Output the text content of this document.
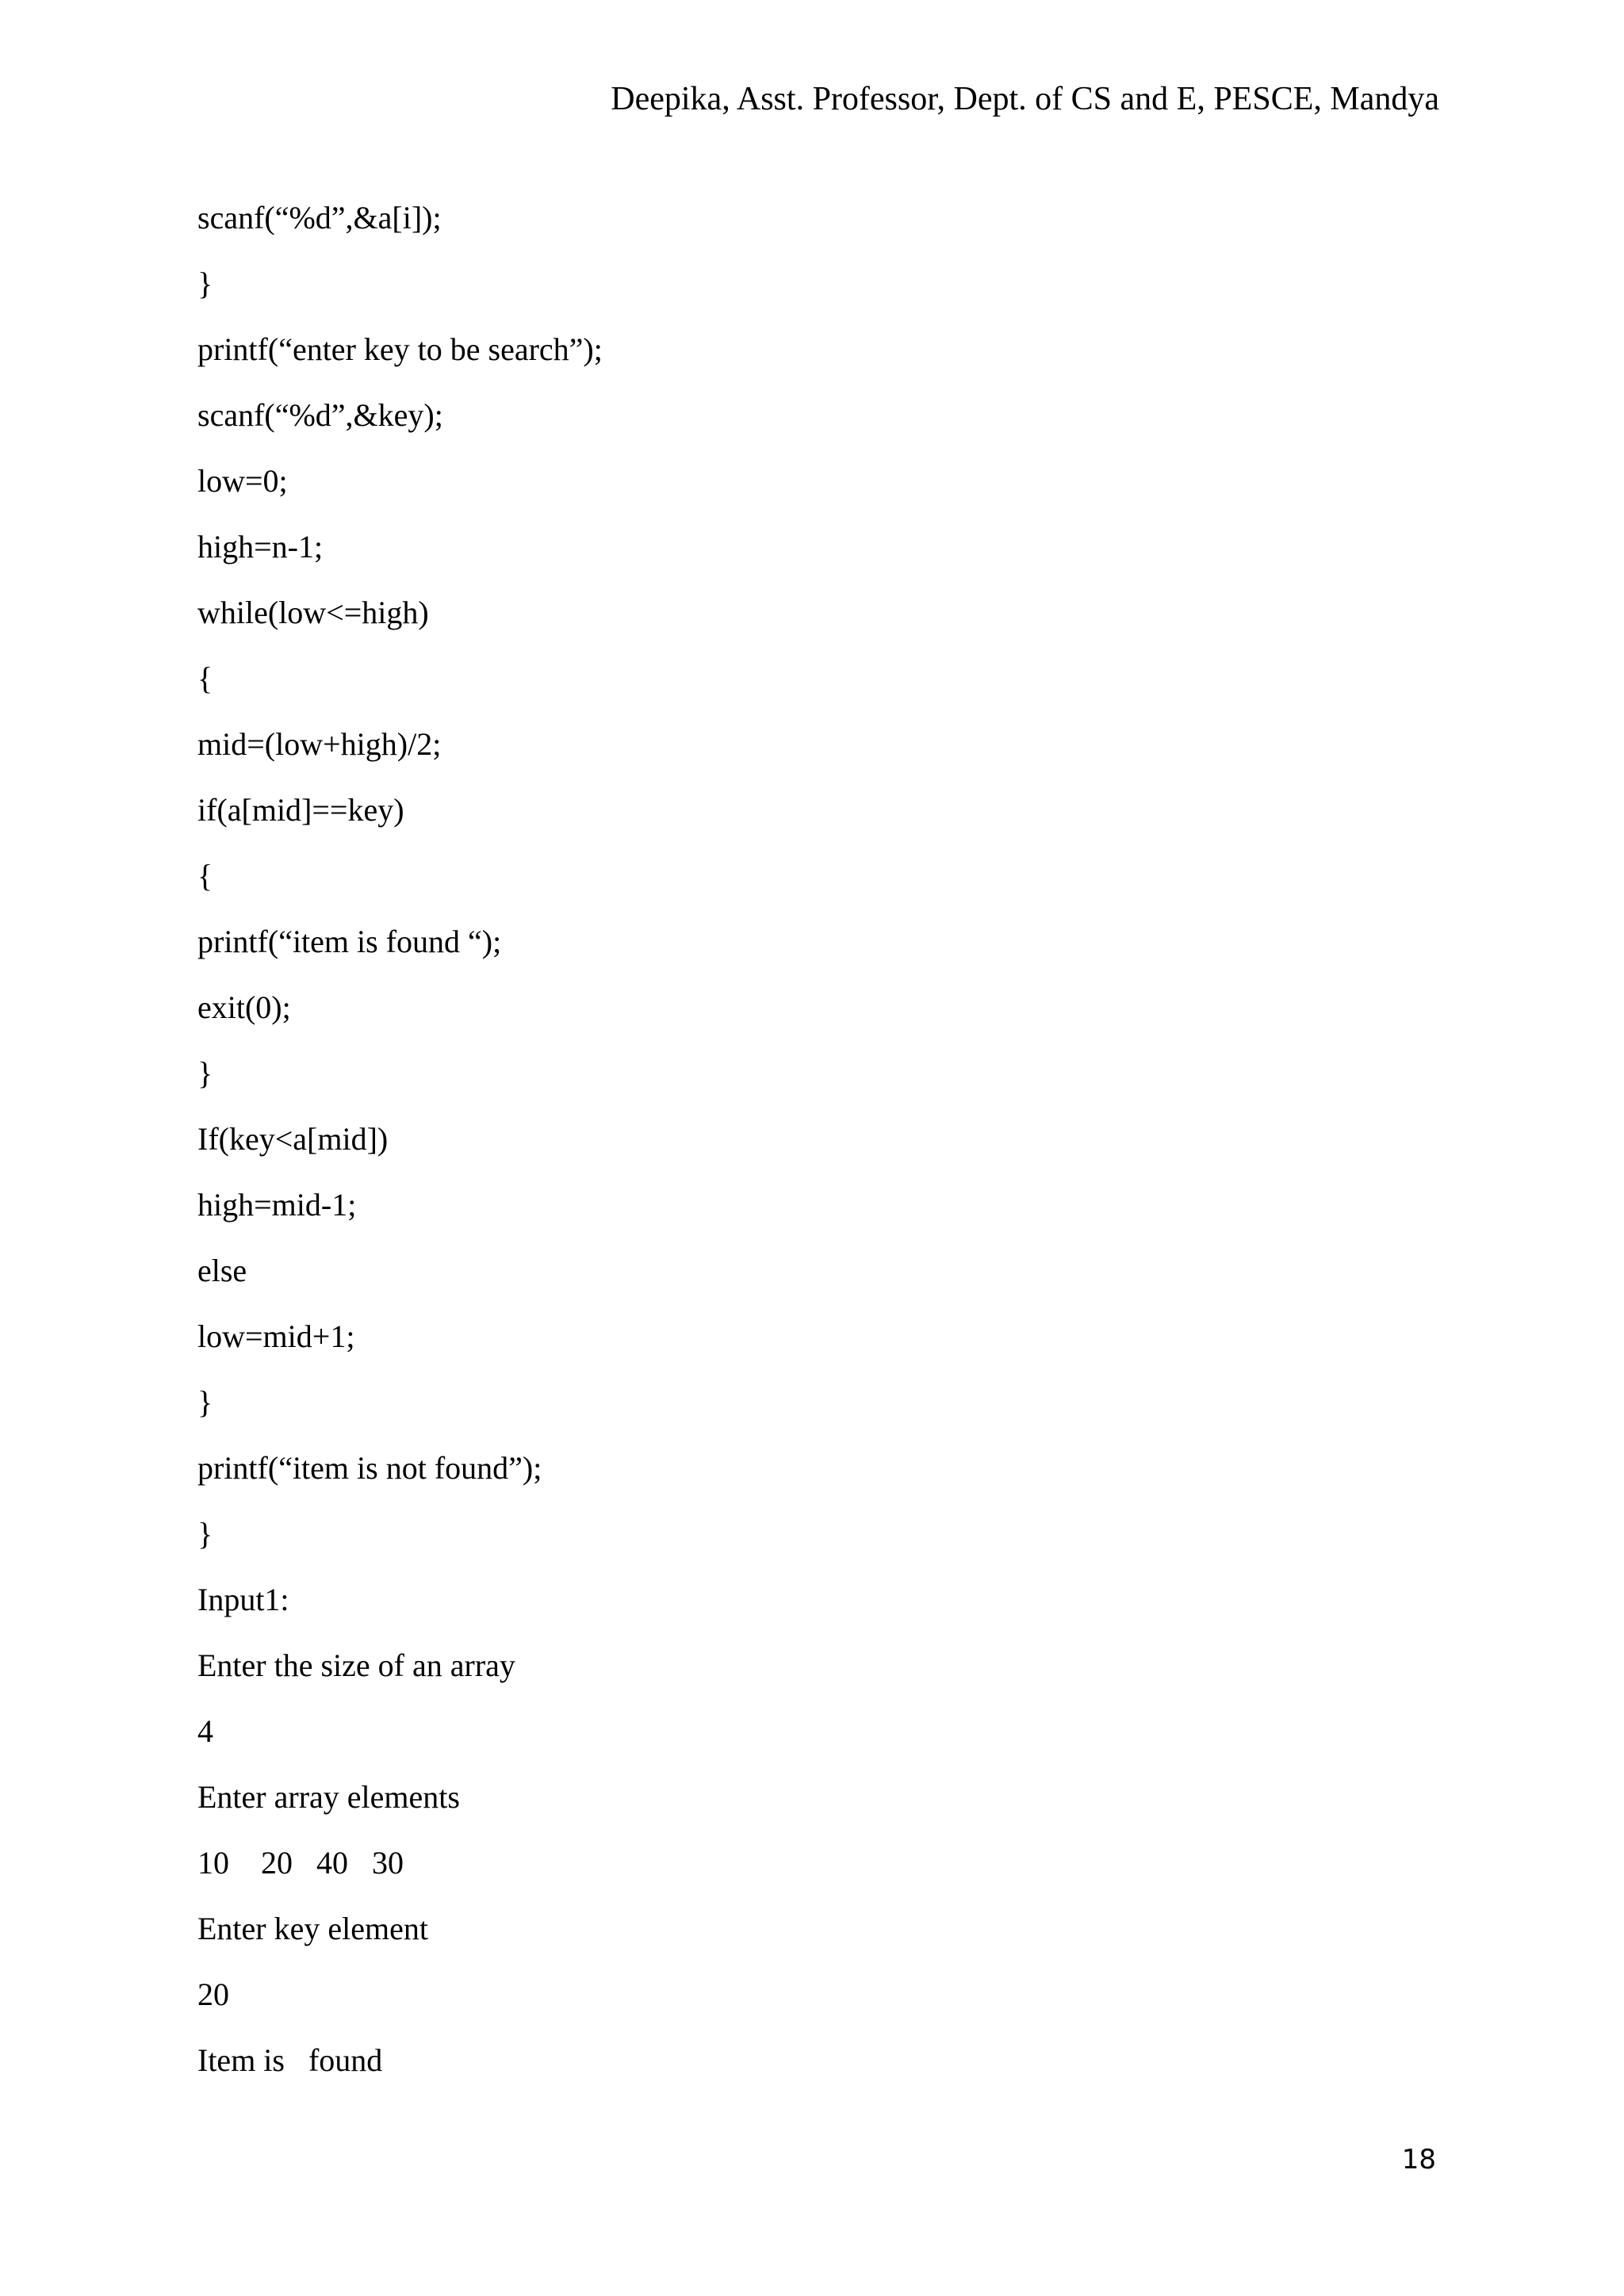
Deepika, Asst. Professor, Dept. of CS and E, PESCE, Mandya
scanf(“%d”,&a[i]);
}
printf(“enter key to be search”);
scanf(“%d”,&key);
low=0;
high=n-1;
while(low<=high)
{
mid=(low+high)/2;
if(a[mid]==key)
{
printf(“item is found “);
exit(0);
}
If(key<a[mid])
high=mid-1;
else
low=mid+1;
}
printf(“item is not found”);
}
Input1:
Enter the size of an array
4
Enter array elements
10    20   40   30
Enter key element
20
Item is   found
18
